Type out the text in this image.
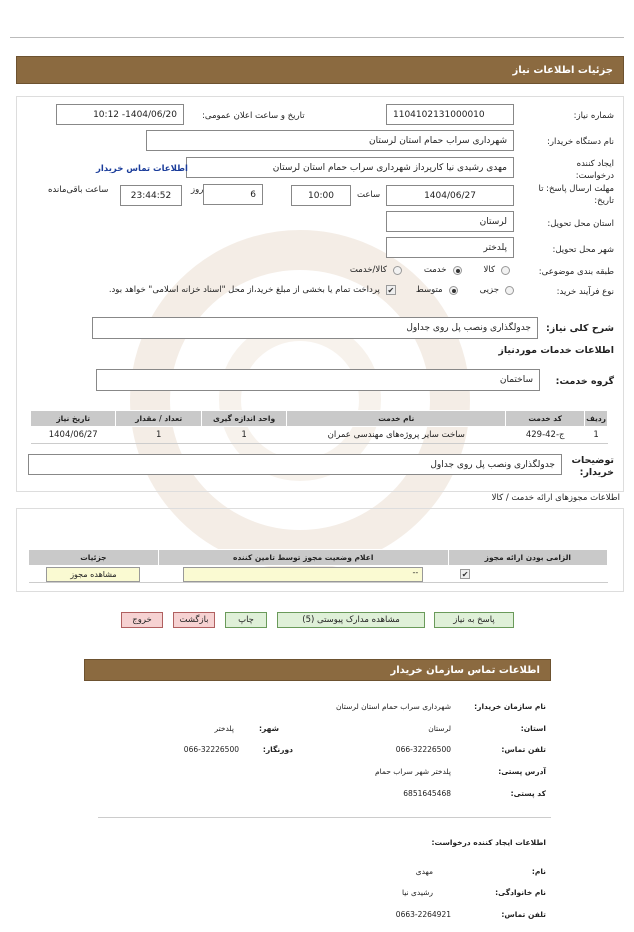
جزئیات اطلاعات نیاز
شماره نیاز:
1104102131000010
تاریخ و ساعت اعلان عمومی:
1404/06/20- 10:12
نام دستگاه خریدار:
شهرداری سراب حمام استان لرستان
ایجاد کننده درخواست:
مهدی رشیدی نیا کارپرداز شهرداری سراب حمام استان لرستان
اطلاعات تماس خریدار
مهلت ارسال پاسخ: تا تاریخ:
1404/06/27
ساعت
10:00
روز	6
23:44:52
ساعت باقی‌مانده
استان محل تحویل:
لرستان
شهر محل تحویل:
پلدختر
طبقه بندی موضوعی:
کالا
خدمت
کالا/خدمت
نوع فرآیند خرید:
جزیی
متوسط
✔
پرداخت تمام یا بخشی از مبلغ خرید،از محل "اسناد خزانه اسلامی" خواهد بود.
شرح کلی نیاز:
جدولگذاری ونصب پل روی جداول
اطلاعات خدمات موردنیاز
گروه خدمت:
ساختمان
ردیف	کد خدمت	نام خدمت	واحد اندازه گیری	تعداد / مقدار	تاریخ نیاز
1	ج-42-429	ساخت سایر پروژه‌های مهندسی عمران	1	1	1404/06/27
توضیحات خریدار:
جدولگذاری ونصب پل روی جداول
اطلاعات مجوزهای ارائه خدمت / کالا
الزامی بودن ارائه مجوز	اعلام وضعیت مجوز توسط تامین کننده	جزئیات
✔	--	مشاهده مجوز
پاسخ به نیاز
مشاهده مدارک پیوستی (5)
چاپ
بازگشت
خروج
اطلاعات تماس سازمان خریدار
نام سازمان خریدار:
شهرداری سراب حمام استان لرستان
استان:
لرستان
شهر:
پلدختر
تلفن تماس:
066-32226500
دورنگار:
066-32226500
آدرس پستی:
پلدختر شهر سراب حمام
کد پستی:
6851645468
اطلاعات ایجاد کننده درخواست:
نام:
مهدی
نام خانوادگی:
رشیدی نیا
تلفن تماس:
0663-2264921
